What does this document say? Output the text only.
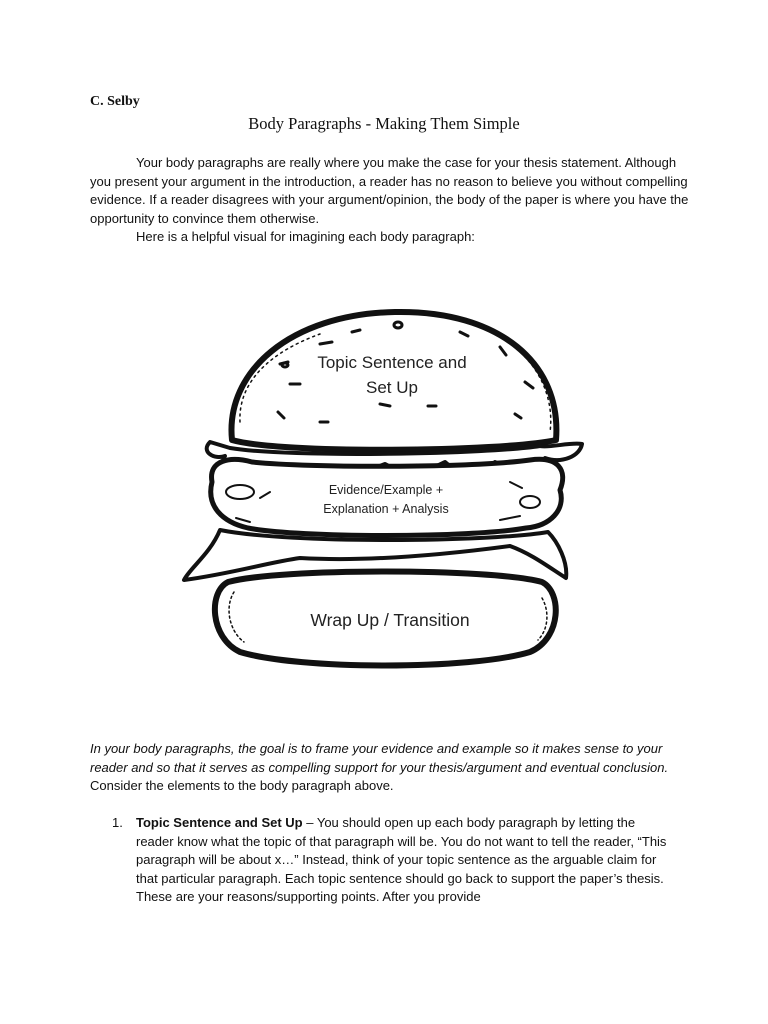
C. Selby
Body Paragraphs - Making Them Simple

Your body paragraphs are really where you make the case for your thesis statement. Although you present your argument in the introduction, a reader has no reason to believe you without compelling evidence. If a reader disagrees with your argument/opinion, the body of the paper is where you have the opportunity to convince them otherwise.

Here is a helpful visual for imagining each body paragraph:

Topic Sentence and
Set Up
Evidence/Example +
Explanation + Analysis
Wrap Up / Transition
In your body paragraphs, the goal is to frame your evidence and example so it makes sense to your reader and so that it serves as compelling support for your thesis/argument and eventual conclusion. Consider the elements to the body paragraph above.
1. Topic Sentence and Set Up – You should open up each body paragraph by letting the reader know what the topic of that paragraph will be. You do not want to tell the reader, “This paragraph will be about x…” Instead, think of your topic sentence as the arguable claim for that particular paragraph. Each topic sentence should go back to support the paper’s thesis. These are your reasons/supporting points. After you provide
